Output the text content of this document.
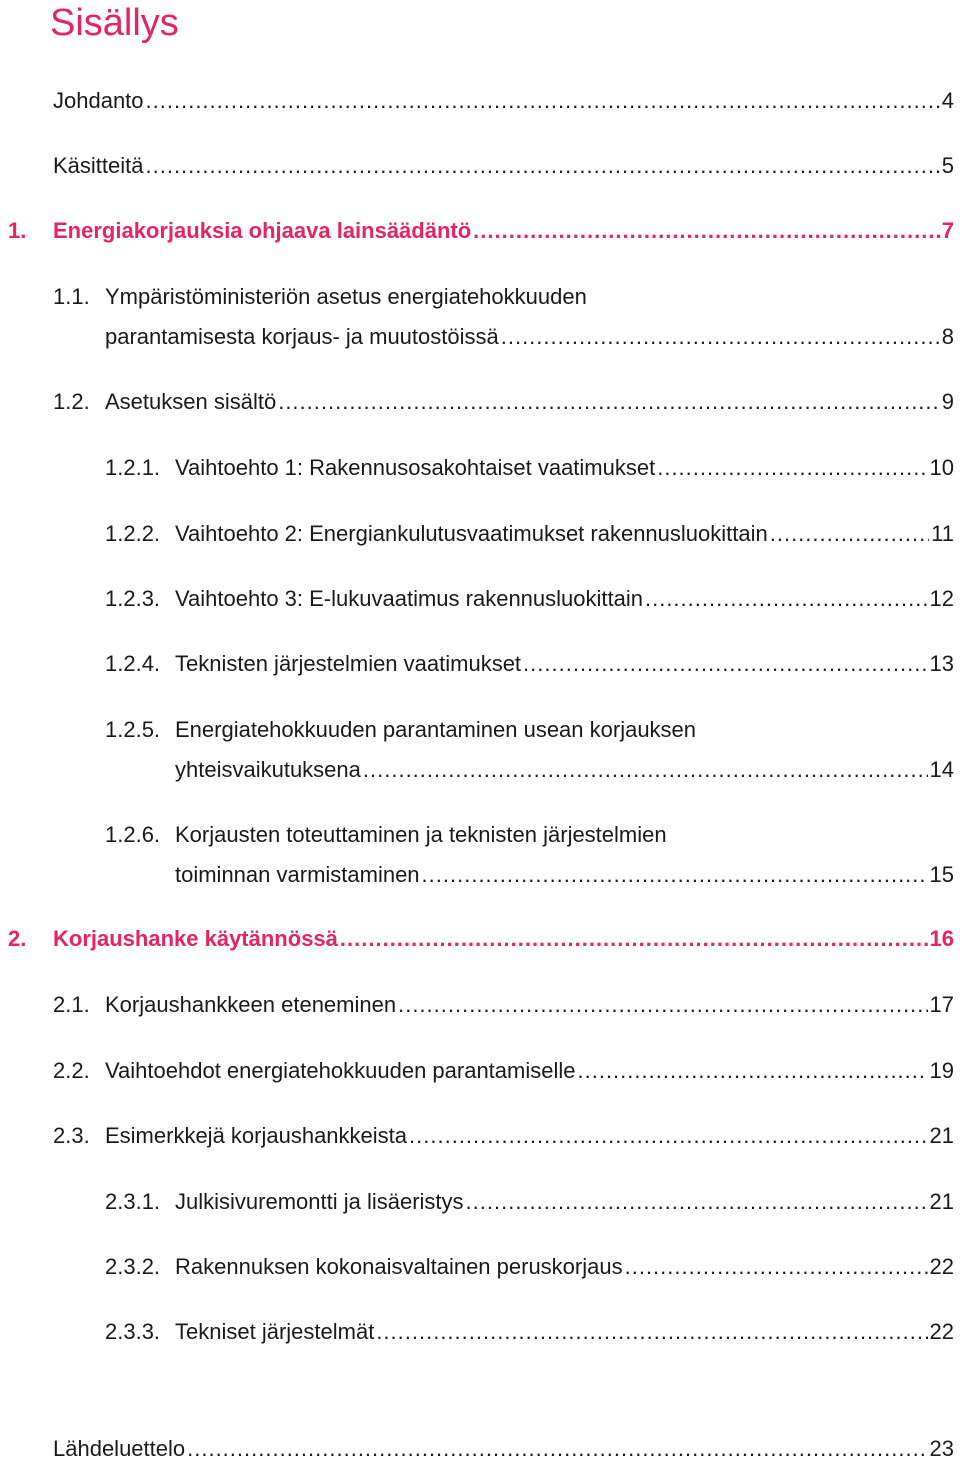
Sisällys
Johdanto .....	4
Käsitteitä .....	5
1.	Energiakorjauksia ohjaava lainsäädäntö .....	7
1.1. Ympäristöministeriön asetus energiatehokkuuden
parantamisesta korjaus- ja muutostöissä .....	8
1.2. Asetuksen sisältö .....	9
1.2.1. Vaihtoehto 1: Rakennusosakohtaiset vaatimukset .....	10
1.2.2. Vaihtoehto 2: Energiankulutusvaatimukset rakennusluokittain .....	11
1.2.3. Vaihtoehto 3: E-lukuvaatimus rakennusluokittain .....	12
1.2.4. Teknisten järjestelmien vaatimukset .....	13
1.2.5. Energiatehokkuuden parantaminen usean korjauksen
yhteisvaikutuksena .....	14
1.2.6. Korjausten toteuttaminen ja teknisten järjestelmien
toiminnan varmistaminen .....	15
2.	Korjaushanke käytännössä .....	16
2.1. Korjaushankkeen eteneminen .....	17
2.2. Vaihtoehdot energiatehokkuuden parantamiselle .....	19
2.3. Esimerkkejä korjaushankkeista .....	21
2.3.1. Julkisivuremontti ja lisäeristys .....	21
2.3.2. Rakennuksen kokonaisvaltainen peruskorjaus .....	22
2.3.3. Tekniset järjestelmät .....	22
Lähdeluettelo .....	23
